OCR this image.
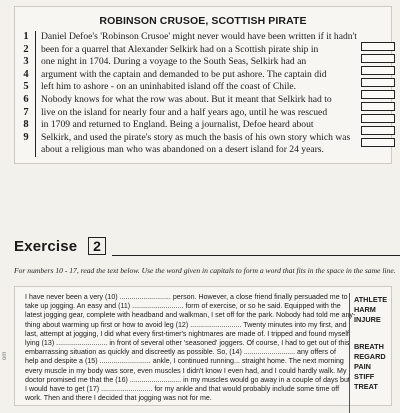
ROBINSON CRUSOE, SCOTTISH PIRATE
1 Daniel Defoe's 'Robinson Crusoe' might never would have been written if it hadn't
2 been for a quarrel that Alexander Selkirk had on a Scottish pirate ship in
3 one night in 1704. During a voyage to the South Seas, Selkirk had an
4 argument with the captain and demanded to be put ashore. The captain did
5 left him to ashore - on an uninhabited island off the coast of Chile.
6 Nobody knows for what the row was about. But it meant that Selkirk had to
7 live on the island for nearly four and a half years ago, until he was rescued
8 in 1709 and returned to England. Being a journalist, Defoe heard about
9 Selkirk, and used the pirate's story as much the basis of his own story which was
about a religious man who was abandoned on a desert island for 24 years.
Exercise	2
For numbers 10 - 17, read the text below. Use the word given in capitals to form a word that fits in the space in the same line.
I have never been a very (10) .......................... person. However, a close friend finally persuaded me to
take up jogging. An easy and (11) .......................... form of exercise, or so he said. Equipped with the
latest jogging gear, complete with headband and walkman, I set off for the park. Nobody had told me any-
thing about warming up first or how to avoid leg (12) .......................... Twenty minutes into my first, and
last, attempt at jogging, I did what every first-timer's nightmares are made of. I tripped and found myself
lying (13) .......................... in front of several other 'seasoned' joggers. Of course, I had to get out of this
embarrassing situation as quickly and discreetly as possible. So, (14) .......................... any offers of
help and despite a (15) .......................... ankle, I continued running... straight home. The next morning
every muscle in my body was sore, even muscles I didn't know I even had, and I could hardly walk. My
doctor promised me that the (16) .......................... in my muscles would go away in a couple of days but
I would have to get (17) .......................... for my ankle and that would probably include some time off
work. Then and there I decided that jogging was not for me.
ATHLETE
HARM
INJURE
BREATH
REGARD
PAIN
STIFF
TREAT
om
